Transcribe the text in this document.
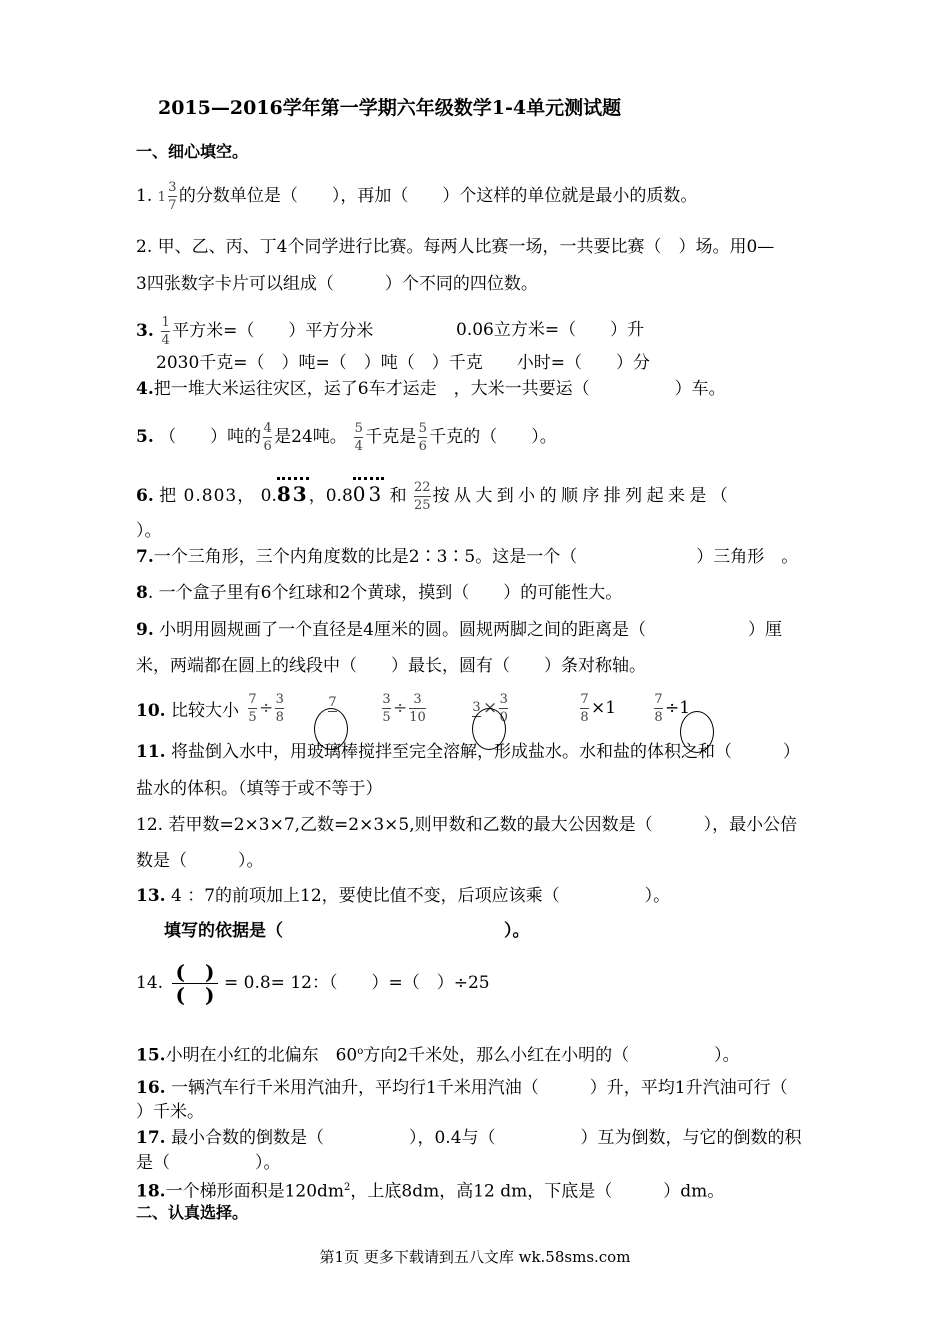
2015—2016学年第一学期六年级数学1-4单元测试题
一、细心填空。
1. $1 \frac{3}{7}$ 的分数单位是（　　），再加（　　）个这样的单位就是最小的质数。
2. 甲、乙、丙、丁4个同学进行比赛。每两人比赛一场，一共要比赛（　）场。用0—
3四张数字卡片可以组成（　　　）个不同的四位数。
3. $\frac{1}{4}$ 平方米=（　　）平方分米	0.06立方米=（　　）升
2030千克=（　）吨=（　）吨（　）千克　　小时=（　　）分
4.把一堆大米运往灾区，运了6车才运走　，大米一共要运（　　　　　）车。
5. （　　）吨的 $\frac{4}{6}$ 是24吨。 $\frac{5}{4}$ 千克是 $\frac{5}{6}$ 千克的（　　）。
6. 把 0.803， 0.83，0.803 和 $\frac{22}{25}$ 按从大到小的顺序排列起来是（
）。
7.一个三角形，三个内角度数的比是2∶3∶5。这是一个（　　　　　　　）三角形　。
8. 一个盒子里有6个红球和2个黄球，摸到（　　）的可能性大。
9. 小明用圆规画了一个直径是4厘米的圆。圆规两脚之间的距离是（　　　　　　）厘
米，两端都在圆上的线段中（　　）最长，圆有（　　）条对称轴。
10. 比较大小 $\frac{7}{5} \div \frac{3}{8}$	7	$\frac{3}{5} \div \frac{3}{10}$	$3 \times \frac{3}{0}$	$\frac{7}{8} \times 1$	$\frac{7}{8} \div 1$
11. 将盐倒入水中，用玻璃棒搅拌至完全溶解，形成盐水。水和盐的体积之和（　　　）
盐水的体积。（填等于或不等于）
12. 若甲数=2×3×7,乙数=2×3×5,则甲数和乙数的最大公因数是（　　　），最小公倍
数是（　　　）。
13. 4 ：7的前项加上12，要使比值不变，后项应该乘（　　　　　）。
填写的依据是（　　　　　　　　　　　　　）。
14. (　)
(　) = 0.8= 12：（　　）=（　）÷25
15.小明在小红的北偏东　60$^o$方向2千米处，那么小红在小明的（　　　　　）。
16. 一辆汽车行千米用汽油升，平均行1千米用汽油（　　　）升，平均1升汽油可行（
）千米。
17. 最小合数的倒数是（　　　　　），0.4与（　　　　　）互为倒数，与它的倒数的积
是（　　　　　）。
18.一个梯形面积是$120dm^2$，上底8dm，高12 dm，下底是（　　　）dm。
二、认真选择。
第1页 更多下载请到五八文库 wk.58sms.com
